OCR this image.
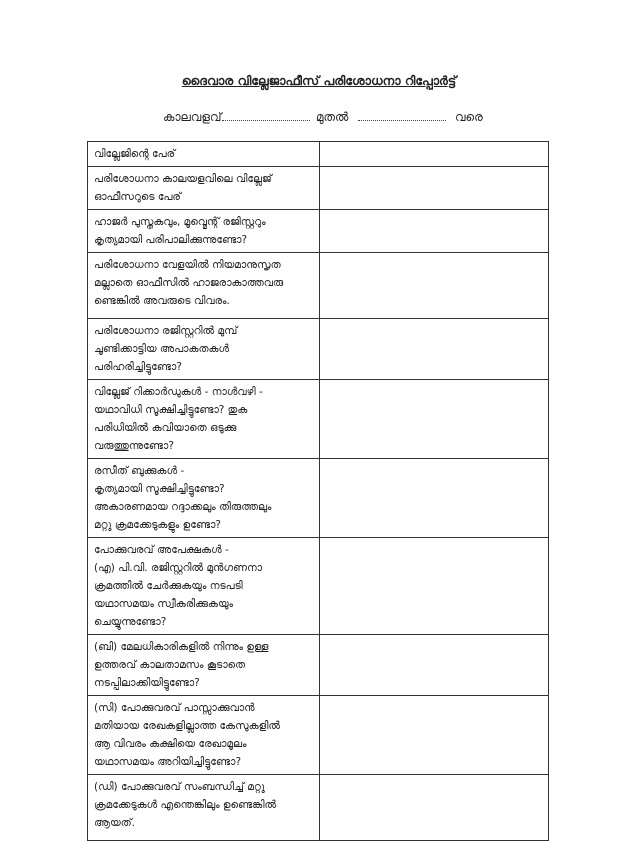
ദൈവാര വില്ലേജാഫീസ് പരിശോധനാ റിപ്പോർട്ട്
കാലവളവ്	മുതൽ	വരെ
വില്ലേജിന്റെ പേര്	

പരിശോധനാ കാലയളവിലെ വില്ലേജ്
ഓഫീസറുടെ പേര്	

ഹാജർ പുസ്തകവും, മൂവ്മെന്റ് രജിസ്റ്ററും
കൃത്യമായി പരിപാലിക്കുന്നുണ്ടോ?	

പരിശോധനാ വേളയിൽ നിയമാനുസൃത
മല്ലാതെ ഓഫീസിൽ ഹാജരാകാത്തവരു
ണ്ടെങ്കിൽ അവരുടെ വിവരം.	

പരിശോധനാ രജിസ്റ്ററിൽ മുമ്പ്
ചൂണ്ടിക്കാട്ടിയ അപാകതകൾ
പരിഹരിച്ചിട്ടുണ്ടോ?	

വില്ലേജ് റിക്കാർഡുകൾ - നാൾവഴി -
യഥാവിധി സൂക്ഷിച്ചിട്ടുണ്ടോ? തുക
പരിധിയിൽ കവിയാതെ ഒടുക്കു
വരുത്തുന്നുണ്ടോ?	

രസീത് ബുക്കുകൾ -
കൃത്യമായി സൂക്ഷിച്ചിട്ടുണ്ടോ?
അകാരണമായ റദ്ദാക്കലും തിരുത്തലും
മറ്റു ക്രമക്കേടുകളും ഉണ്ടോ?	

പോക്കുവരവ് അപേക്ഷകൾ -
(എ) പി.വി. രജിസ്റ്ററിൽ മുൻഗണനാ
ക്രമത്തിൽ ചേർക്കുകയും നടപടി
യഥാസമയം സ്വീകരിക്കുകയും
ചെയ്യുന്നുണ്ടോ?	

(ബി) മേലധികാരികളിൽ നിന്നും ഉള്ള
ഉത്തരവ് കാലതാമസം കൂടാതെ
നടപ്പിലാക്കിയിട്ടുണ്ടോ?	

(സി) പോക്കുവരവ് പാസ്സാക്കുവാൻ
മതിയായ രേഖകളില്ലാത്ത കേസുകളിൽ
ആ വിവരം കക്ഷിയെ രേഖാമൂലം
യഥാസമയം അറിയിച്ചിട്ടുണ്ടോ?	

(ഡി) പോക്കുവരവ് സംബന്ധിച്ച് മറ്റു
ക്രമക്കേടുകൾ എന്തെങ്കിലും ഉണ്ടെങ്കിൽ
ആയത്.	
